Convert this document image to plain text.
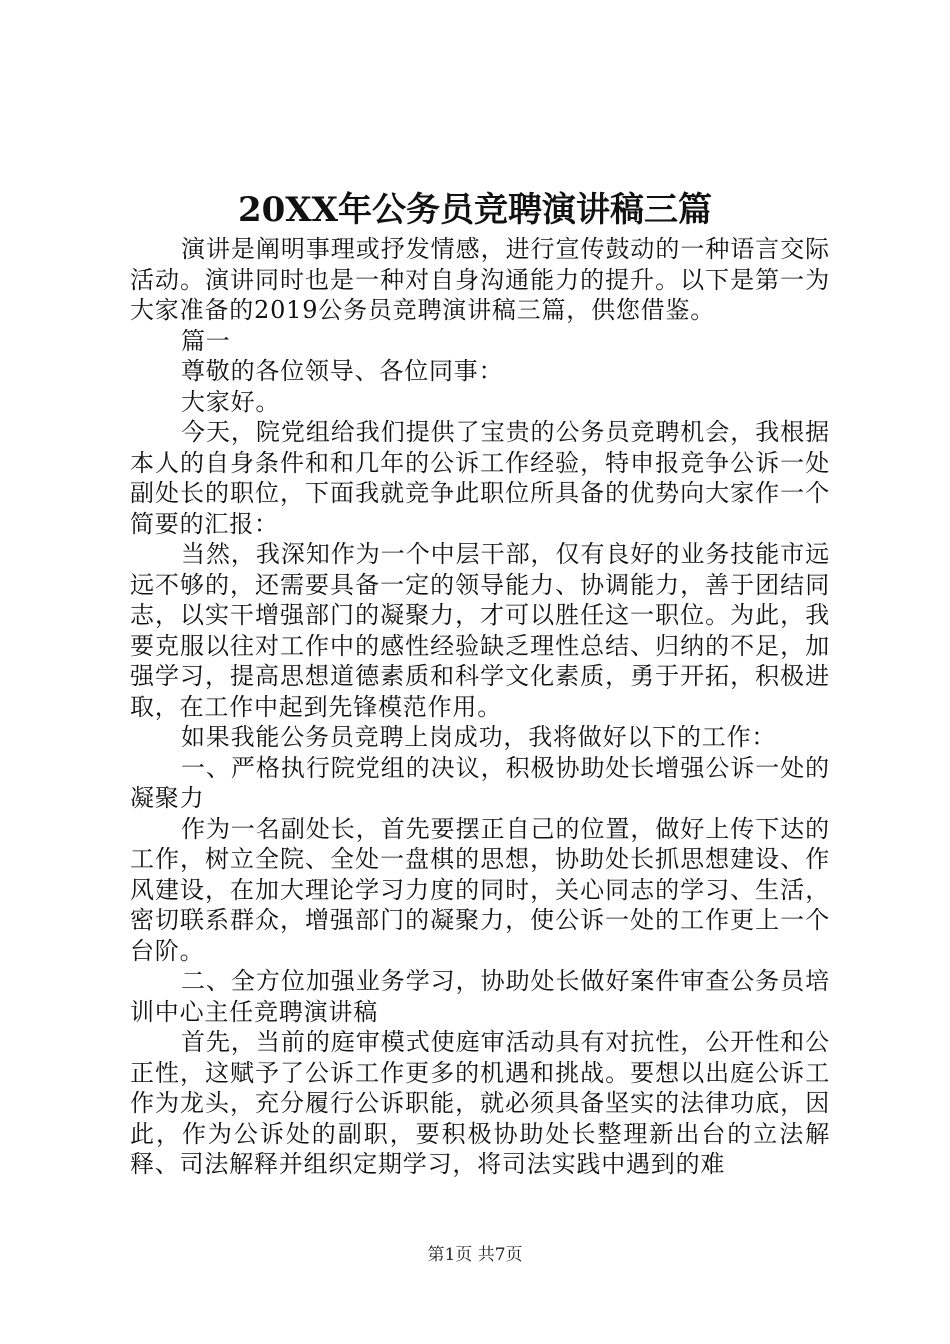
20XX年公务员竞聘演讲稿三篇

演讲是阐明事理或抒发情感，进行宣传鼓动的一种语言交际活动。演讲同时也是一种对自身沟通能力的提升。以下是第一为大家准备的2019公务员竞聘演讲稿三篇，供您借鉴。

篇一

尊敬的各位领导、各位同事：

大家好。

今天，院党组给我们提供了宝贵的公务员竞聘机会，我根据本人的自身条件和和几年的公诉工作经验，特申报竞争公诉一处副处长的职位，下面我就竞争此职位所具备的优势向大家作一个简要的汇报：

当然，我深知作为一个中层干部，仅有良好的业务技能市远远不够的，还需要具备一定的领导能力、协调能力，善于团结同志，以实干增强部门的凝聚力，才可以胜任这一职位。为此，我要克服以往对工作中的感性经验缺乏理性总结、归纳的不足，加强学习，提高思想道德素质和科学文化素质，勇于开拓，积极进取，在工作中起到先锋模范作用。

如果我能公务员竞聘上岗成功，我将做好以下的工作：

一、严格执行院党组的决议，积极协助处长增强公诉一处的凝聚力

作为一名副处长，首先要摆正自己的位置，做好上传下达的工作，树立全院、全处一盘棋的思想，协助处长抓思想建设、作风建设，在加大理论学习力度的同时，关心同志的学习、生活，密切联系群众，增强部门的凝聚力，使公诉一处的工作更上一个台阶。

二、全方位加强业务学习，协助处长做好案件审查公务员培训中心主任竞聘演讲稿

首先，当前的庭审模式使庭审活动具有对抗性，公开性和公正性，这赋予了公诉工作更多的机遇和挑战。要想以出庭公诉工作为龙头，充分履行公诉职能，就必须具备坚实的法律功底，因此，作为公诉处的副职，要积极协助处长整理新出台的立法解释、司法解释并组织定期学习，将司法实践中遇到的难

第1页 共7页
